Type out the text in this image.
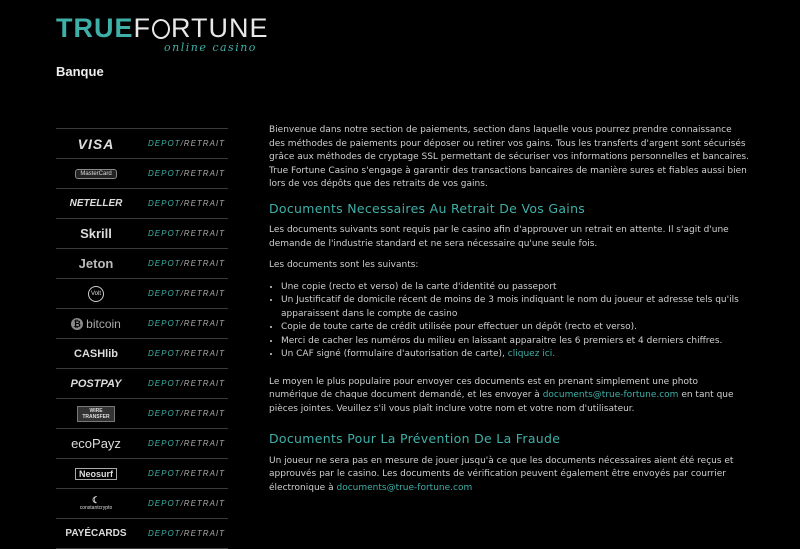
TRUEF RTUNE
online casino
Banque
VISA	DEPOT/RETRAIT
MasterCard	DEPOT/RETRAIT
NETELLER	DEPOT/RETRAIT
Skrill	DEPOT/RETRAIT
Jeton	DEPOT/RETRAIT
Volt	DEPOT/RETRAIT
₿ bitcoin	DEPOT/RETRAIT
CASHlib	DEPOT/RETRAIT
POSTPAY	DEPOT/RETRAIT
WIRE TRANSFER	DEPOT/RETRAIT
ecoPayz	DEPOT/RETRAIT
Neosurf	DEPOT/RETRAIT
☾
constantcrypto	DEPOT/RETRAIT
PAYÉCARDS	DEPOT/RETRAIT

Bienvenue dans notre section de paiements, section dans laquelle vous pourrez prendre connaissance des méthodes de paiements pour déposer ou retirer vos gains. Tous les transferts d'argent sont sécurisés grâce aux méthodes de cryptage SSL permettant de sécuriser vos informations personnelles et bancaires. True Fortune Casino s'engage à garantir des transactions bancaires de manière sures et fiables aussi bien lors de vos dépôts que des retraits de vos gains.

Documents Necessaires Au Retrait De Vos Gains

Les documents suivants sont requis par le casino afin d'approuver un retrait en attente. Il s'agit d'une demande de l'industrie standard et ne sera nécessaire qu'une seule fois.

Les documents sont les suivants:

• Une copie (recto et verso) de la carte d'identité ou passeport
• Un Justificatif de domicile récent de moins de 3 mois indiquant le nom du joueur et adresse tels qu'ils apparaissent dans le compte de casino
• Copie de toute carte de crédit utilisée pour effectuer un dépôt (recto et verso).
• Merci de cacher les numéros du milieu en laissant apparaitre les 6 premiers et 4 derniers chiffres.
• Un CAF signé (formulaire d'autorisation de carte), cliquez ici.

Le moyen le plus populaire pour envoyer ces documents est en prenant simplement une photo numérique de chaque document demandé, et les envoyer à documents@true-fortune.com en tant que pièces jointes. Veuillez s'il vous plaît inclure votre nom et votre nom d'utilisateur.

Documents Pour La Prévention De La Fraude

Un joueur ne sera pas en mesure de jouer jusqu'à ce que les documents nécessaires aient été reçus et approuvés par le casino. Les documents de vérification peuvent également être envoyés par courrier électronique à documents@true-fortune.com
